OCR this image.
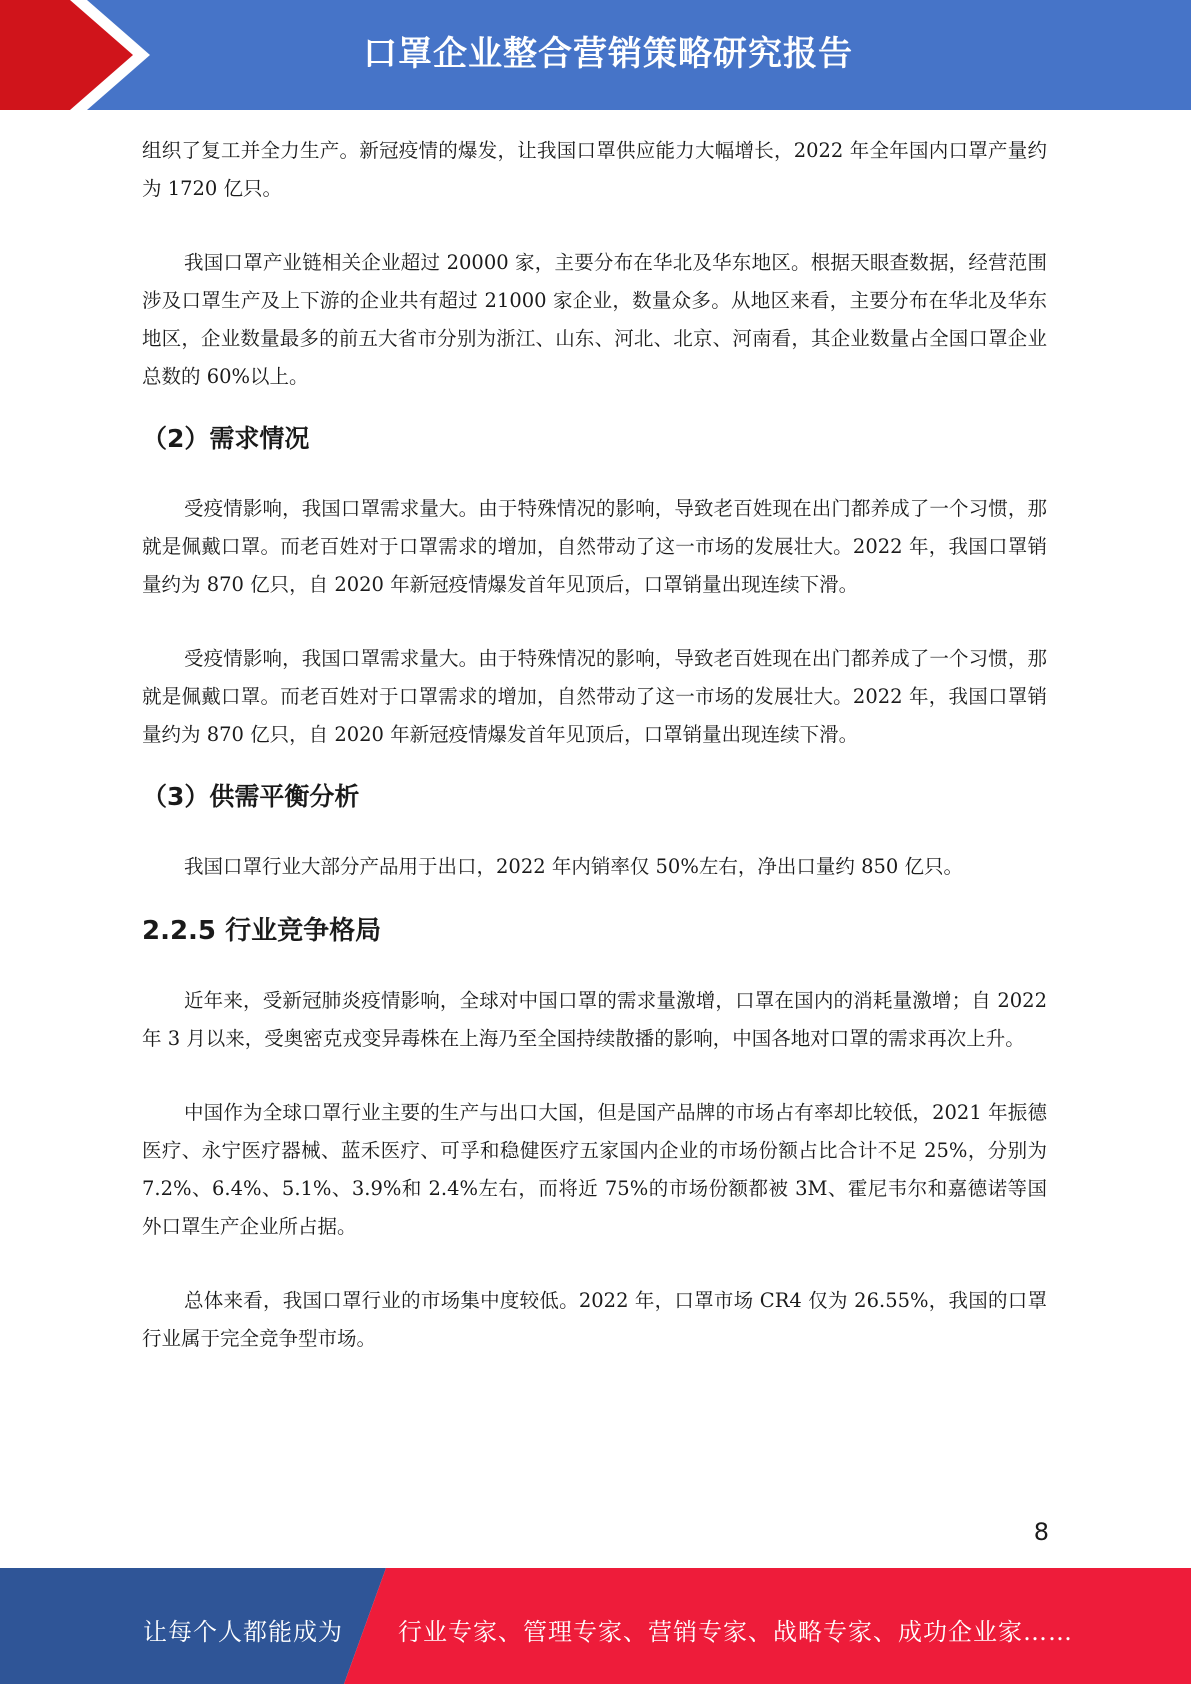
口罩企业整合营销策略研究报告

组织了复工并全力生产。新冠疫情的爆发，让我国口罩供应能力大幅增长，2022 年全年国内口罩产量约为 1720 亿只。

我国口罩产业链相关企业超过 20000 家，主要分布在华北及华东地区。根据天眼查数据，经营范围涉及口罩生产及上下游的企业共有超过 21000 家企业，数量众多。从地区来看，主要分布在华北及华东地区，企业数量最多的前五大省市分别为浙江、山东、河北、北京、河南看，其企业数量占全国口罩企业总数的 60%以上。

（2）需求情况

受疫情影响，我国口罩需求量大。由于特殊情况的影响，导致老百姓现在出门都养成了一个习惯，那就是佩戴口罩。而老百姓对于口罩需求的增加，自然带动了这一市场的发展壮大。2022 年，我国口罩销量约为 870 亿只，自 2020 年新冠疫情爆发首年见顶后，口罩销量出现连续下滑。

受疫情影响，我国口罩需求量大。由于特殊情况的影响，导致老百姓现在出门都养成了一个习惯，那就是佩戴口罩。而老百姓对于口罩需求的增加，自然带动了这一市场的发展壮大。2022 年，我国口罩销量约为 870 亿只，自 2020 年新冠疫情爆发首年见顶后，口罩销量出现连续下滑。

（3）供需平衡分析

我国口罩行业大部分产品用于出口，2022 年内销率仅 50%左右，净出口量约 850 亿只。

2.2.5 行业竞争格局

近年来，受新冠肺炎疫情影响，全球对中国口罩的需求量激增，口罩在国内的消耗量激增；自 2022 年 3 月以来，受奥密克戎变异毒株在上海乃至全国持续散播的影响，中国各地对口罩的需求再次上升。

中国作为全球口罩行业主要的生产与出口大国，但是国产品牌的市场占有率却比较低，2021 年振德医疗、永宁医疗器械、蓝禾医疗、可孚和稳健医疗五家国内企业的市场份额占比合计不足 25%，分别为 7.2%、6.4%、5.1%、3.9%和 2.4%左右，而将近 75%的市场份额都被 3M、霍尼韦尔和嘉德诺等国外口罩生产企业所占据。

总体来看，我国口罩行业的市场集中度较低。2022 年，口罩市场 CR4 仅为 26.55%，我国的口罩行业属于完全竞争型市场。

8
让每个人都能成为 行业专家、管理专家、营销专家、战略专家、成功企业家……
